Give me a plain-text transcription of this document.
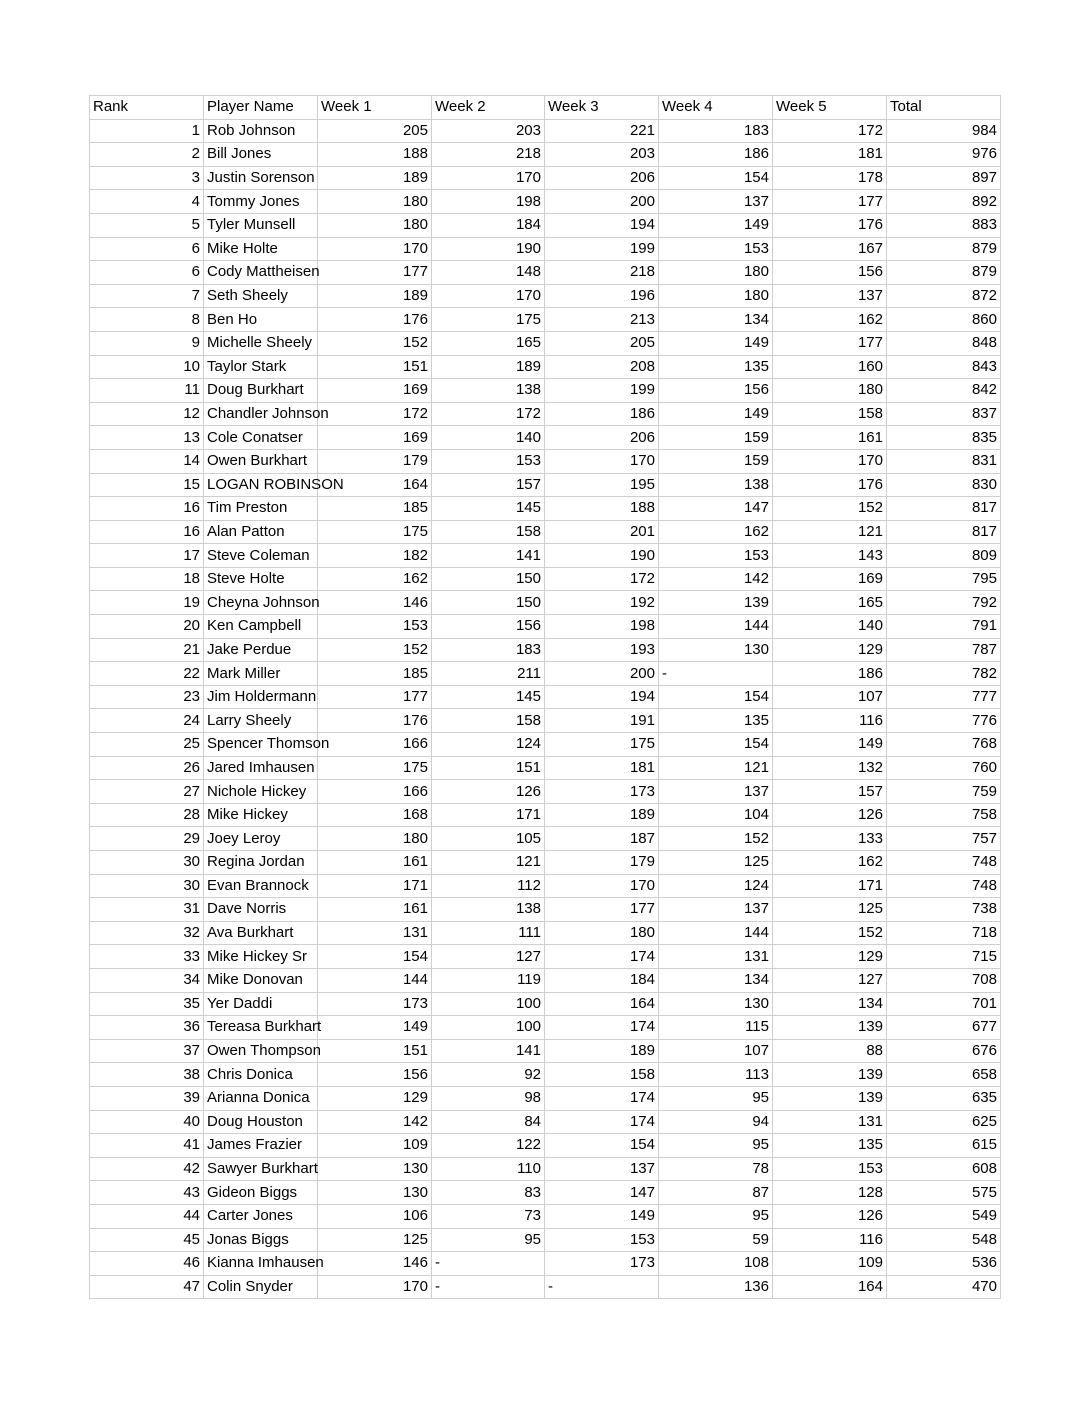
Rank	Player Name	Week 1	Week 2	Week 3	Week 4	Week 5	Total
1	Rob Johnson	205	203	221	183	172	984
2	Bill Jones	188	218	203	186	181	976
3	Justin Sorenson	189	170	206	154	178	897
4	Tommy Jones	180	198	200	137	177	892
5	Tyler Munsell	180	184	194	149	176	883
6	Mike Holte	170	190	199	153	167	879
6	Cody Mattheisen	177	148	218	180	156	879
7	Seth Sheely	189	170	196	180	137	872
8	Ben Ho	176	175	213	134	162	860
9	Michelle Sheely	152	165	205	149	177	848
10	Taylor Stark	151	189	208	135	160	843
11	Doug Burkhart	169	138	199	156	180	842
12	Chandler Johnson	172	172	186	149	158	837
13	Cole Conatser	169	140	206	159	161	835
14	Owen Burkhart	179	153	170	159	170	831
15	LOGAN ROBINSON	164	157	195	138	176	830
16	Tim Preston	185	145	188	147	152	817
16	Alan Patton	175	158	201	162	121	817
17	Steve Coleman	182	141	190	153	143	809
18	Steve Holte	162	150	172	142	169	795
19	Cheyna Johnson	146	150	192	139	165	792
20	Ken Campbell	153	156	198	144	140	791
21	Jake Perdue	152	183	193	130	129	787
22	Mark Miller	185	211	200	-	186	782
23	Jim Holdermann	177	145	194	154	107	777
24	Larry Sheely	176	158	191	135	116	776
25	Spencer Thomson	166	124	175	154	149	768
26	Jared Imhausen	175	151	181	121	132	760
27	Nichole Hickey	166	126	173	137	157	759
28	Mike Hickey	168	171	189	104	126	758
29	Joey Leroy	180	105	187	152	133	757
30	Regina Jordan	161	121	179	125	162	748
30	Evan Brannock	171	112	170	124	171	748
31	Dave Norris	161	138	177	137	125	738
32	Ava Burkhart	131	111	180	144	152	718
33	Mike Hickey Sr	154	127	174	131	129	715
34	Mike Donovan	144	119	184	134	127	708
35	Yer Daddi	173	100	164	130	134	701
36	Tereasa Burkhart	149	100	174	115	139	677
37	Owen Thompson	151	141	189	107	88	676
38	Chris Donica	156	92	158	113	139	658
39	Arianna Donica	129	98	174	95	139	635
40	Doug Houston	142	84	174	94	131	625
41	James Frazier	109	122	154	95	135	615
42	Sawyer Burkhart	130	110	137	78	153	608
43	Gideon Biggs	130	83	147	87	128	575
44	Carter Jones	106	73	149	95	126	549
45	Jonas Biggs	125	95	153	59	116	548
46	Kianna Imhausen	146	-	173	108	109	536
47	Colin Snyder	170	-	-	136	164	470
